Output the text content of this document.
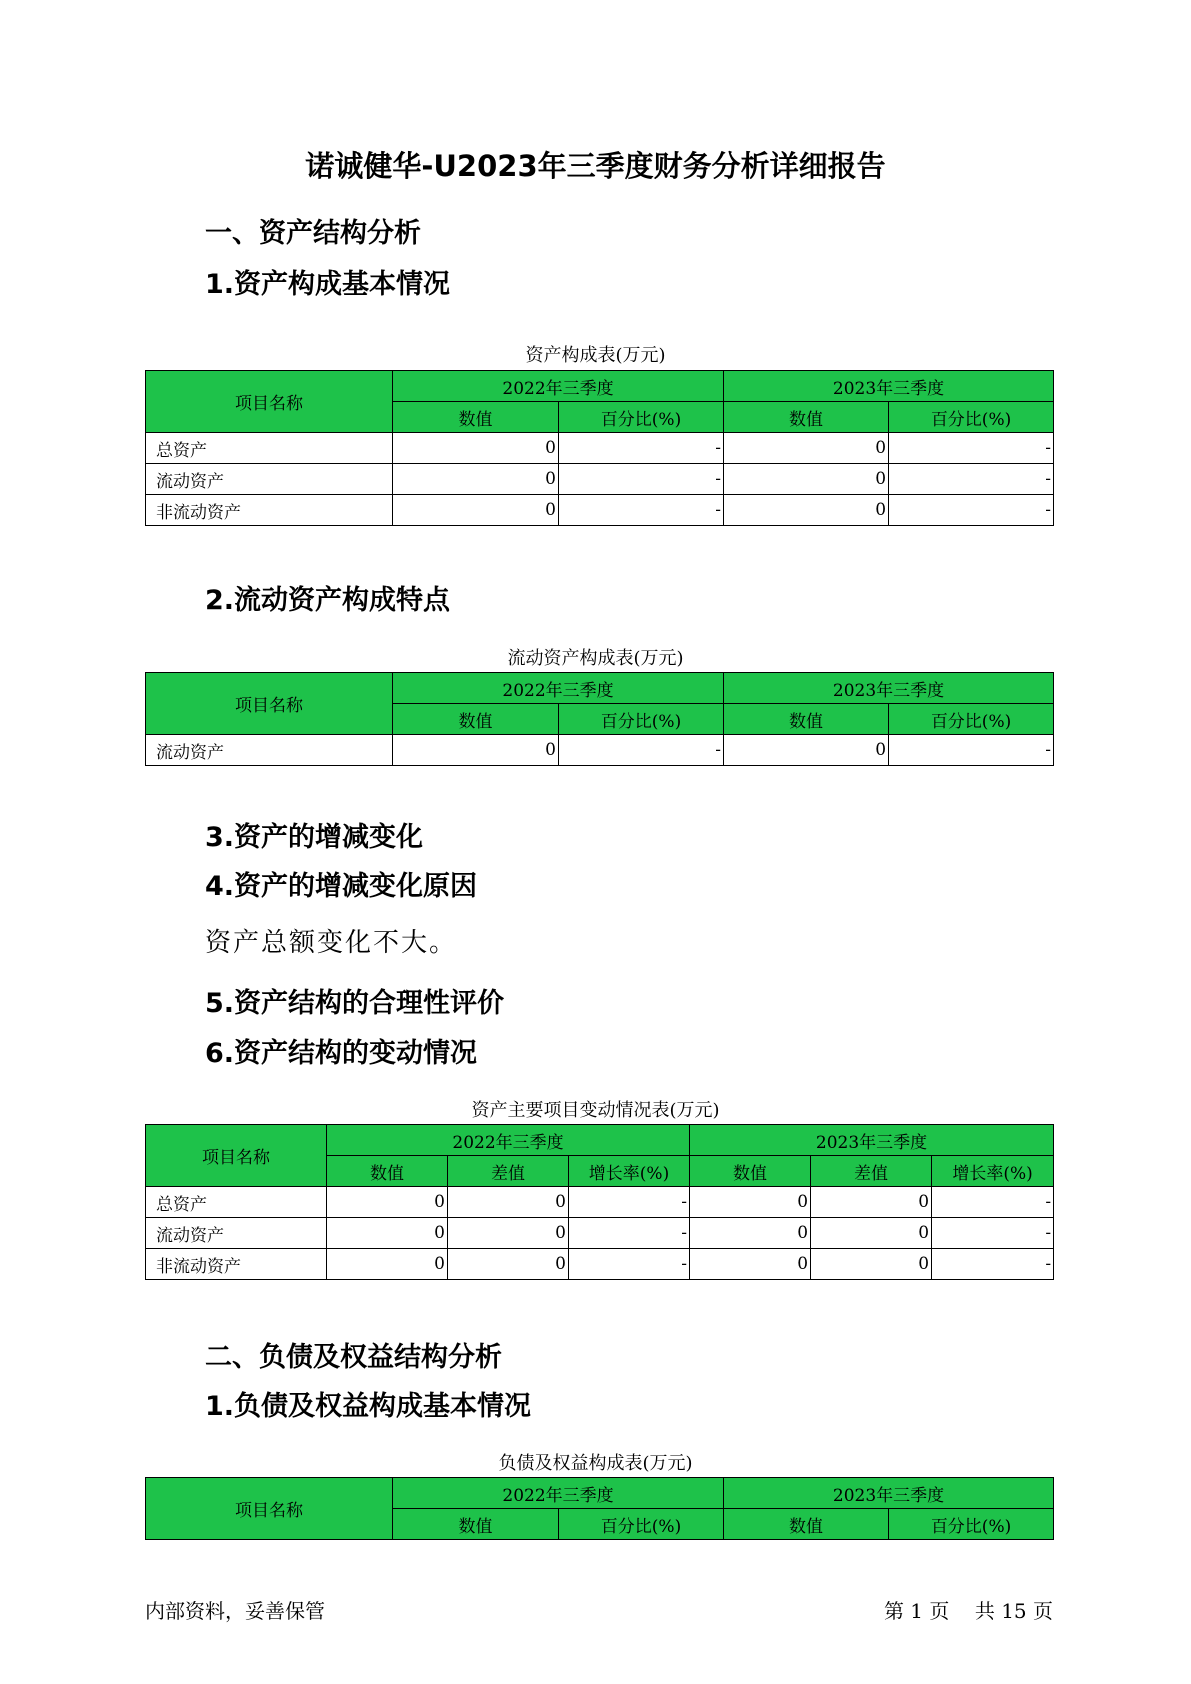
诺诚健华-U2023年三季度财务分析详细报告
一、资产结构分析
1.资产构成基本情况

资产构成表(万元)

项目名称	2022年三季度		2023年三季度	
	数值	百分比(%)	数值	百分比(%)
总资产	0	-	0	-
流动资产	0	-	0	-
非流动资产	0	-	0	-
2.流动资产构成特点

流动资产构成表(万元)

项目名称	2022年三季度		2023年三季度	
	数值	百分比(%)	数值	百分比(%)
流动资产	0	-	0	-
3.资产的增减变化
4.资产的增减变化原因

资产总额变化不大。

5.资产结构的合理性评价
6.资产结构的变动情况

资产主要项目变动情况表(万元)

项目名称	2022年三季度			2023年三季度		
	数值	差值	增长率(%)	数值	差值	增长率(%)
总资产	0	0	-	0	0	-
流动资产	0	0	-	0	0	-
非流动资产	0	0	-	0	0	-
二、负债及权益结构分析
1.负债及权益构成基本情况

负债及权益构成表(万元)

项目名称	2022年三季度		2023年三季度	
	数值	百分比(%)	数值	百分比(%)

内部资料，妥善保管	第 1 页 共 15 页
